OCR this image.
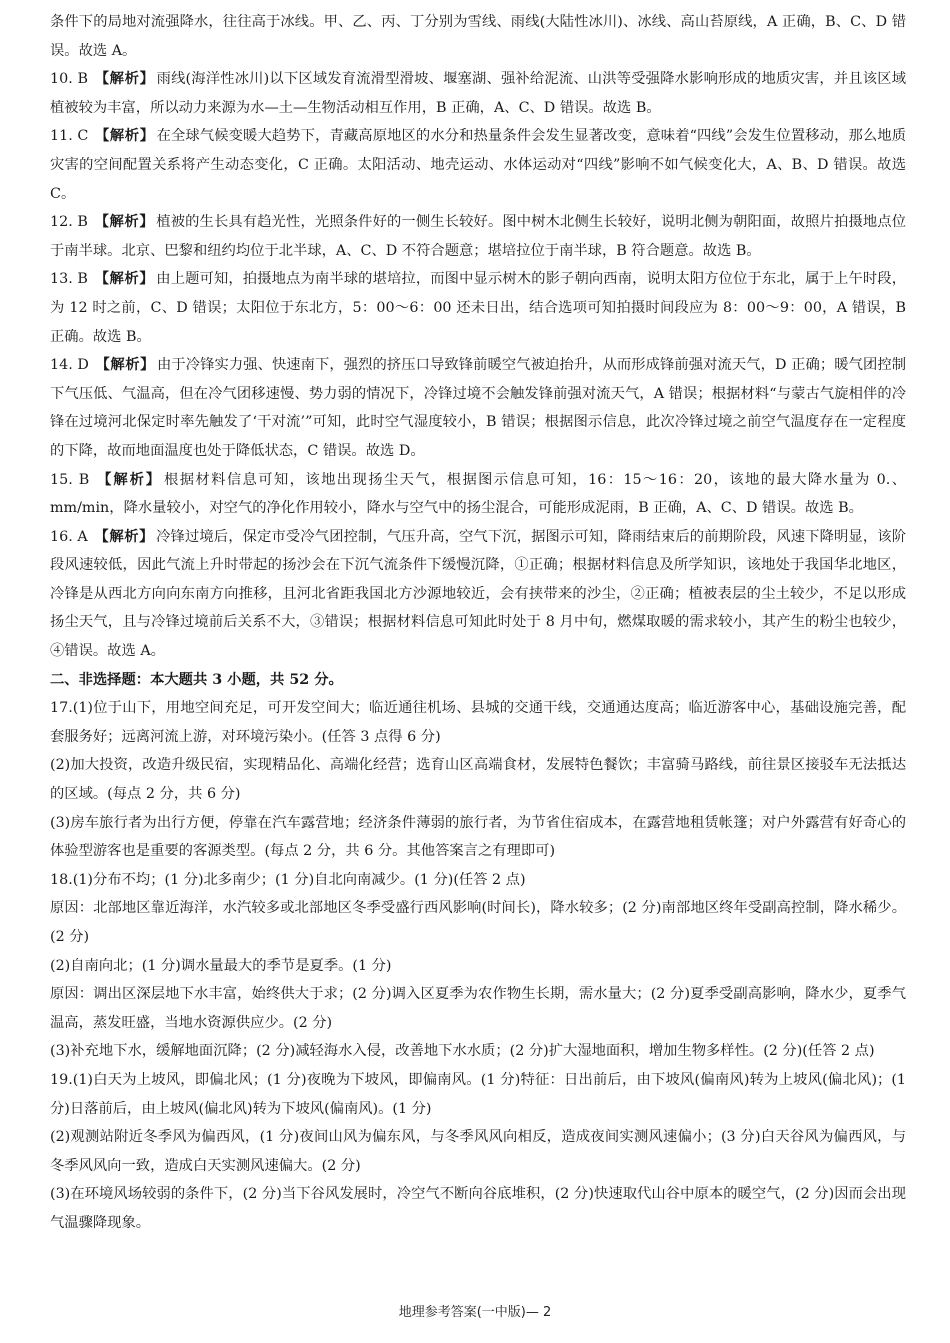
条件下的局地对流强降水，往往高于冰线。甲、乙、丙、丁分别为雪线、雨线(大陆性冰川)、冰线、高山苔原线，A 正确，B、C、D 错误。故选 A。

10. B 【解析】 雨线(海洋性冰川)以下区域发育流滑型滑坡、堰塞湖、强补给泥流、山洪等受强降水影响形成的地质灾害，并且该区域植被较为丰富，所以动力来源为水—土—生物活动相互作用，B 正确，A、C、D 错误。故选 B。

11. C 【解析】 在全球气候变暖大趋势下，青藏高原地区的水分和热量条件会发生显著改变，意味着“四线”会发生位置移动，那么地质灾害的空间配置关系将产生动态变化，C 正确。太阳活动、地壳运动、水体运动对“四线”影响不如气候变化大，A、B、D 错误。故选 C。

12. B 【解析】 植被的生长具有趋光性，光照条件好的一侧生长较好。图中树木北侧生长较好，说明北侧为朝阳面，故照片拍摄地点位于南半球。北京、巴黎和纽约均位于北半球，A、C、D 不符合题意；堪培拉位于南半球，B 符合题意。故选 B。

13. B 【解析】 由上题可知，拍摄地点为南半球的堪培拉，而图中显示树木的影子朝向西南，说明太阳方位位于东北，属于上午时段，为 12 时之前，C、D 错误；太阳位于东北方，5：00～6：00 还未日出，结合选项可知拍摄时间段应为 8：00～9：00，A 错误，B 正确。故选 B。

14. D 【解析】 由于冷锋实力强、快速南下，强烈的挤压口导致锋前暖空气被迫抬升，从而形成锋前强对流天气，D 正确；暖气团控制下气压低、气温高，但在冷气团移速慢、势力弱的情况下，冷锋过境不会触发锋前强对流天气，A 错误；根据材料“与蒙古气旋相伴的冷锋在过境河北保定时率先触发了‘干对流’”可知，此时空气湿度较小，B 错误；根据图示信息，此次冷锋过境之前空气温度存在一定程度的下降，故而地面温度也处于降低状态，C 错误。故选 D。

15. B 【解析】 根据材料信息可知，该地出现扬尘天气，根据图示信息可知，16：15～16：20，该地的最大降水量为 0.、mm/min，降水量较小，对空气的净化作用较小，降水与空气中的扬尘混合，可能形成泥雨，B 正确，A、C、D 错误。故选 B。

16. A 【解析】 冷锋过境后，保定市受冷气团控制，气压升高，空气下沉，据图示可知，降雨结束后的前期阶段，风速下降明显，该阶段风速较低，因此气流上升时带起的扬沙会在下沉气流条件下缓慢沉降，①正确；根据材料信息及所学知识，该地处于我国华北地区，冷锋是从西北方向向东南方向推移，且河北省距我国北方沙源地较近，会有挟带来的沙尘，②正确；植被表层的尘土较少，不足以形成扬尘天气，且与冷锋过境前后关系不大，③错误；根据材料信息可知此时处于 8 月中旬，燃煤取暖的需求较小，其产生的粉尘也较少，④错误。故选 A。

二、非选择题：本大题共 3 小题，共 52 分。

17.(1)位于山下，用地空间充足，可开发空间大；临近通往机场、县城的交通干线，交通通达度高；临近游客中心，基础设施完善，配套服务好；远离河流上游，对环境污染小。(任答 3 点得 6 分)

(2)加大投资，改造升级民宿，实现精品化、高端化经营；选育山区高端食材，发展特色餐饮；丰富骑马路线，前往景区接驳车无法抵达的区域。(每点 2 分，共 6 分)

(3)房车旅行者为出行方便，停靠在汽车露营地；经济条件薄弱的旅行者，为节省住宿成本，在露营地租赁帐篷；对户外露营有好奇心的体验型游客也是重要的客源类型。(每点 2 分，共 6 分。其他答案言之有理即可)

18.(1)分布不均；(1 分)北多南少；(1 分)自北向南减少。(1 分)(任答 2 点)

原因：北部地区靠近海洋，水汽较多或北部地区冬季受盛行西风影响(时间长)，降水较多；(2 分)南部地区终年受副高控制，降水稀少。(2 分)

(2)自南向北；(1 分)调水量最大的季节是夏季。(1 分)

原因：调出区深层地下水丰富，始终供大于求；(2 分)调入区夏季为农作物生长期，需水量大；(2 分)夏季受副高影响，降水少，夏季气温高，蒸发旺盛，当地水资源供应少。(2 分)

(3)补充地下水，缓解地面沉降；(2 分)减轻海水入侵，改善地下水水质；(2 分)扩大湿地面积，增加生物多样性。(2 分)(任答 2 点)

19.(1)白天为上坡风，即偏北风；(1 分)夜晚为下坡风，即偏南风。(1 分)特征：日出前后，由下坡风(偏南风)转为上坡风(偏北风)；(1 分)日落前后，由上坡风(偏北风)转为下坡风(偏南风)。(1 分)

(2)观测站附近冬季风为偏西风，(1 分)夜间山风为偏东风，与冬季风风向相反，造成夜间实测风速偏小；(3 分)白天谷风为偏西风，与冬季风风向一致，造成白天实测风速偏大。(2 分)

(3)在环境风场较弱的条件下，(2 分)当下谷风发展时，冷空气不断向谷底堆积，(2 分)快速取代山谷中原本的暖空气，(2 分)因而会出现气温骤降现象。

地理参考答案(一中版)— 2
